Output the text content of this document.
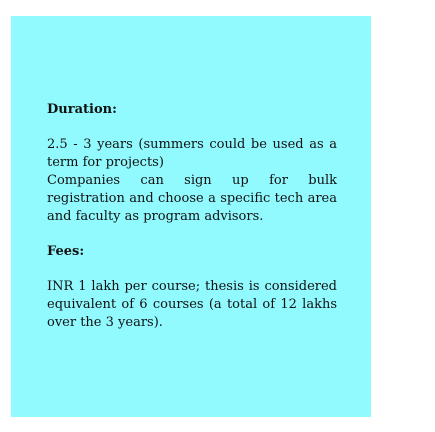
Duration:

2.5 - 3 years (summers could be used as a term for projects)

Companies can sign up for bulk registration and choose a specific tech area and faculty as program advisors.

Fees:

INR 1 lakh per course; thesis is considered equivalent of 6 courses (a total of 12 lakhs over the 3 years).
